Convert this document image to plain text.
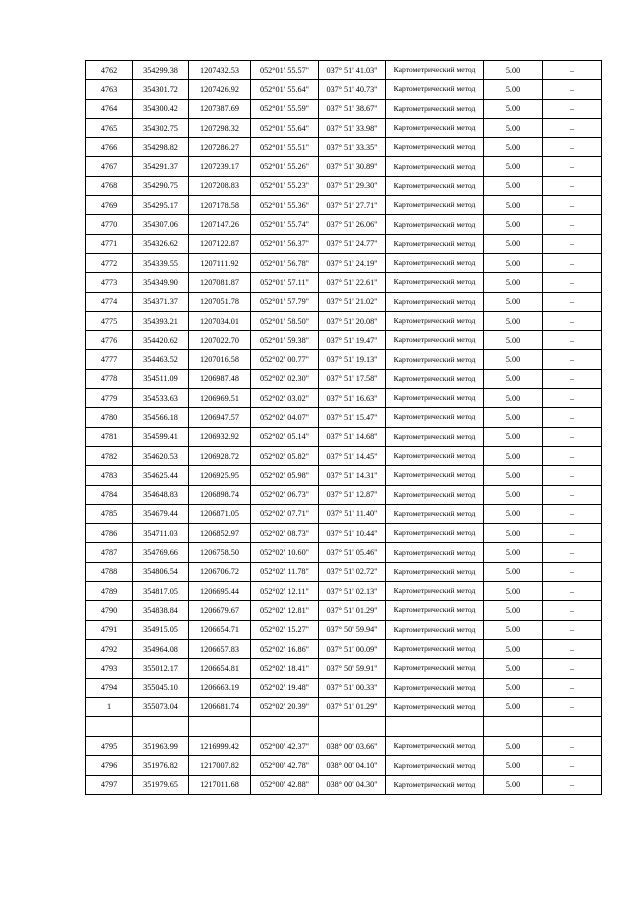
4762	354299.38	1207432.53	052°01' 55.57"	037° 51' 41.03"	Картометрический метод	5.00	–
4763	354301.72	1207426.92	052°01' 55.64"	037° 51' 40.73"	Картометрический метод	5.00	–
4764	354300.42	1207387.69	052°01' 55.59"	037° 51' 38.67"	Картометрический метод	5.00	–
4765	354302.75	1207298.32	052°01' 55.64"	037° 51' 33.98"	Картометрический метод	5.00	–
4766	354298.82	1207286.27	052°01' 55.51"	037° 51' 33.35"	Картометрический метод	5.00	–
4767	354291.37	1207239.17	052°01' 55.26"	037° 51' 30.89"	Картометрический метод	5.00	–
4768	354290.75	1207208.83	052°01' 55.23"	037° 51' 29.30"	Картометрический метод	5.00	–
4769	354295.17	1207178.58	052°01' 55.36"	037° 51' 27.71"	Картометрический метод	5.00	–
4770	354307.06	1207147.26	052°01' 55.74"	037° 51' 26.06"	Картометрический метод	5.00	–
4771	354326.62	1207122.87	052°01' 56.37"	037° 51' 24.77"	Картометрический метод	5.00	–
4772	354339.55	1207111.92	052°01' 56.78"	037° 51' 24.19"	Картометрический метод	5.00	–
4773	354349.90	1207081.87	052°01' 57.11"	037° 51' 22.61"	Картометрический метод	5.00	–
4774	354371.37	1207051.78	052°01' 57.79"	037° 51' 21.02"	Картометрический метод	5.00	–
4775	354393.21	1207034.01	052°01' 58.50"	037° 51' 20.08"	Картометрический метод	5.00	–
4776	354420.62	1207022.70	052°01' 59.38"	037° 51' 19.47"	Картометрический метод	5.00	–
4777	354463.52	1207016.58	052°02' 00.77"	037° 51' 19.13"	Картометрический метод	5.00	–
4778	354511.09	1206987.48	052°02' 02.30"	037° 51' 17.58"	Картометрический метод	5.00	–
4779	354533.63	1206969.51	052°02' 03.02"	037° 51' 16.63"	Картометрический метод	5.00	–
4780	354566.18	1206947.57	052°02' 04.07"	037° 51' 15.47"	Картометрический метод	5.00	–
4781	354599.41	1206932.92	052°02' 05.14"	037° 51' 14.68"	Картометрический метод	5.00	–
4782	354620.53	1206928.72	052°02' 05.82"	037° 51' 14.45"	Картометрический метод	5.00	–
4783	354625.44	1206925.95	052°02' 05.98"	037° 51' 14.31"	Картометрический метод	5.00	–
4784	354648.83	1206898.74	052°02' 06.73"	037° 51' 12.87"	Картометрический метод	5.00	–
4785	354679.44	1206871.05	052°02' 07.71"	037° 51' 11.40"	Картометрический метод	5.00	–
4786	354711.03	1206852.97	052°02' 08.73"	037° 51' 10.44"	Картометрический метод	5.00	–
4787	354769.66	1206758.50	052°02' 10.60"	037° 51' 05.46"	Картометрический метод	5.00	–
4788	354806.54	1206706.72	052°02' 11.78"	037° 51' 02.72"	Картометрический метод	5.00	–
4789	354817.05	1206695.44	052°02' 12.11"	037° 51' 02.13"	Картометрический метод	5.00	–
4790	354838.84	1206679.67	052°02' 12.81"	037° 51' 01.29"	Картометрический метод	5.00	–
4791	354915.05	1206654.71	052°02' 15.27"	037° 50' 59.94"	Картометрический метод	5.00	–
4792	354964.08	1206657.83	052°02' 16.86"	037° 51' 00.09"	Картометрический метод	5.00	–
4793	355012.17	1206654.81	052°02' 18.41"	037° 50' 59.91"	Картометрический метод	5.00	–
4794	355045.10	1206663.19	052°02' 19.48"	037° 51' 00.33"	Картометрический метод	5.00	–
1	355073.04	1206681.74	052°02' 20.39"	037° 51' 01.29"	Картометрический метод	5.00	–

4795	351963.99	1216999.42	052°00' 42.37"	038° 00' 03.66"	Картометрический метод	5.00	–
4796	351976.82	1217007.82	052°00' 42.78"	038° 00' 04.10"	Картометрический метод	5.00	–
4797	351979.65	1217011.68	052°00' 42.88"	038° 00' 04.30"	Картометрический метод	5.00	–
